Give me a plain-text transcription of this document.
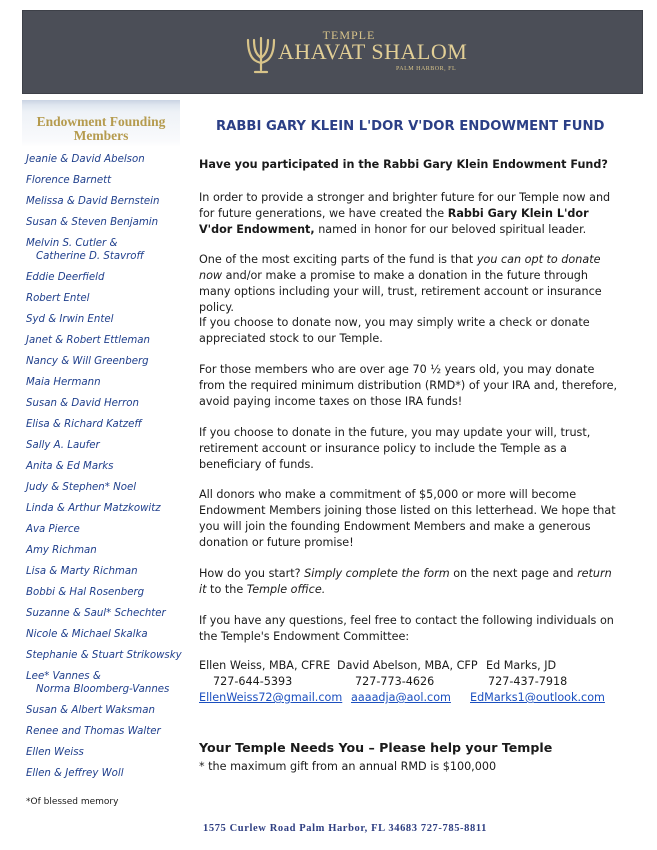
TEMPLE
AHAVAT SHALOM
PALM HARBOR, FL
Endowment Founding
Members
Jeanie & David Abelson
Florence Barnett
Melissa & David Bernstein
Susan & Steven Benjamin
Melvin S. Cutler &
Catherine D. Stavroff
Eddie Deerfield
Robert Entel
Syd & Irwin Entel
Janet & Robert Ettleman
Nancy & Will Greenberg
Maia Hermann
Susan & David Herron
Elisa & Richard Katzeff
Sally A. Laufer
Anita & Ed Marks
Judy & Stephen* Noel
Linda & Arthur Matzkowitz
Ava Pierce
Amy Richman
Lisa & Marty Richman
Bobbi & Hal Rosenberg
Suzanne & Saul* Schechter
Nicole & Michael Skalka
Stephanie & Stuart Strikowsky
Lee* Vannes &
Norma Bloomberg-Vannes
Susan & Albert Waksman
Renee and Thomas Walter
Ellen Weiss
Ellen & Jeffrey Woll
*Of blessed memory
RABBI GARY KLEIN L'DOR V'DOR ENDOWMENT FUND
Have you participated in the Rabbi Gary Klein Endowment Fund?
In order to provide a stronger and brighter future for our Temple now and for future generations, we have created the Rabbi Gary Klein L'dor V'dor Endowment, named in honor for our beloved spiritual leader.
One of the most exciting parts of the fund is that you can opt to donate now and/or make a promise to make a donation in the future through many options including your will, trust, retirement account or insurance policy.
If you choose to donate now, you may simply write a check or donate appreciated stock to our Temple.
For those members who are over age 70 ½ years old, you may donate from the required minimum distribution (RMD*) of your IRA and, therefore, avoid paying income taxes on those IRA funds!
If you choose to donate in the future, you may update your will, trust, retirement account or insurance policy to include the Temple as a beneficiary of funds.
All donors who make a commitment of $5,000 or more will become Endowment Members joining those listed on this letterhead. We hope that you will join the founding Endowment Members and make a generous donation or future promise!
How do you start? Simply complete the form on the next page and return it to the Temple office.
If you have any questions, feel free to contact the following individuals on the Temple's Endowment Committee:
Ellen Weiss, MBA, CFRE
727-644-5393
EllenWeiss72@gmail.com
David Abelson, MBA, CFP
727-773-4626
aaaadja@aol.com
Ed Marks, JD
727-437-7918
EdMarks1@outlook.com
Your Temple Needs You – Please help your Temple
* the maximum gift from an annual RMD is $100,000
1575 Curlew Road Palm Harbor, FL 34683 727-785-8811
